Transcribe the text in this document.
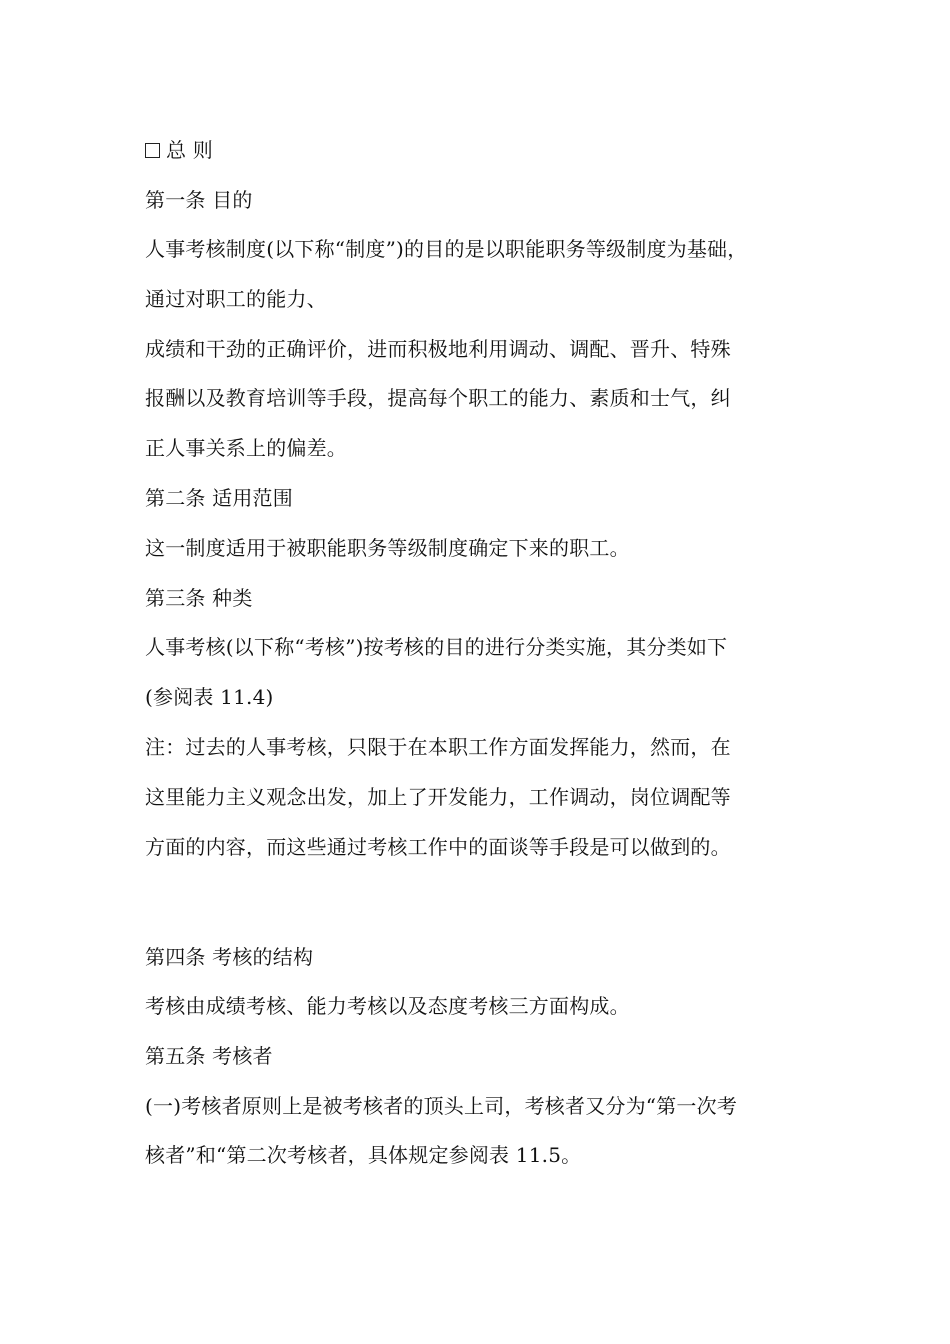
总 则
第一条 目的
人事考核制度(以下称“制度”)的目的是以职能职务等级制度为基础，
通过对职工的能力、
成绩和干劲的正确评价，进而积极地利用调动、调配、晋升、特殊
报酬以及教育培训等手段，提高每个职工的能力、素质和士气，纠
正人事关系上的偏差。
第二条 适用范围
这一制度适用于被职能职务等级制度确定下来的职工。
第三条 种类
人事考核(以下称“考核”)按考核的目的进行分类实施，其分类如下
(参阅表 11.4)
注：过去的人事考核，只限于在本职工作方面发挥能力，然而，在
这里能力主义观念出发，加上了开发能力，工作调动，岗位调配等
方面的内容，而这些通过考核工作中的面谈等手段是可以做到的。
第四条 考核的结构
考核由成绩考核、能力考核以及态度考核三方面构成。
第五条 考核者
(一)考核者原则上是被考核者的顶头上司，考核者又分为“第一次考
核者”和“第二次考核者，具体规定参阅表 11.5。
